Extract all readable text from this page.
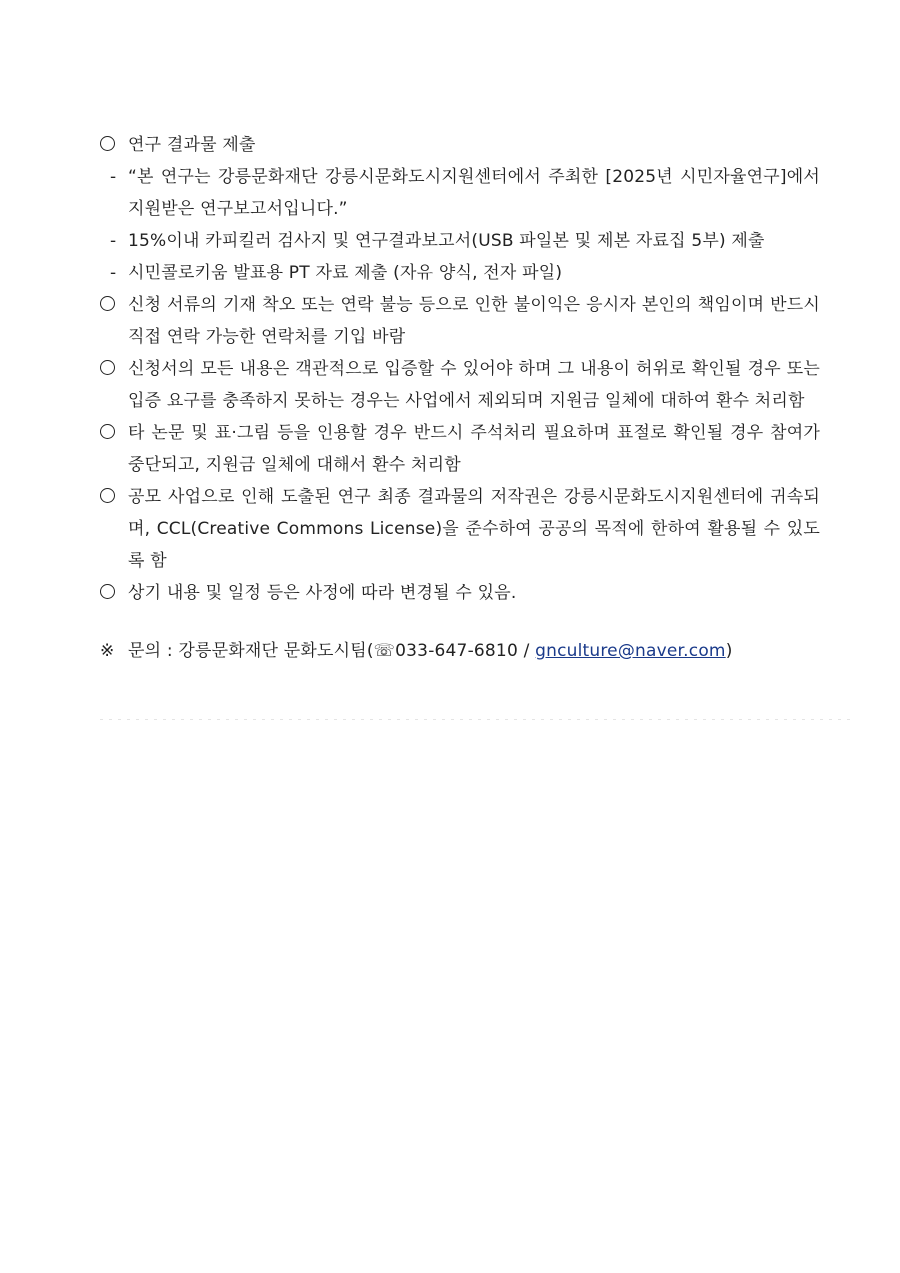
연구 결과물 제출
- “본 연구는 강릉문화재단 강릉시문화도시지원센터에서 주최한 [2025년 시민자율연구]에서 지원받은 연구보고서입니다.”
- 15%이내 카피킬러 검사지 및 연구결과보고서(USB 파일본 및 제본 자료집 5부) 제출
- 시민콜로키움 발표용 PT 자료 제출 (자유 양식, 전자 파일)
신청 서류의 기재 착오 또는 연락 불능 등으로 인한 불이익은 응시자 본인의 책임이며 반드시 직접 연락 가능한 연락처를 기입 바람
신청서의 모든 내용은 객관적으로 입증할 수 있어야 하며 그 내용이 허위로 확인될 경우 또는 입증 요구를 충족하지 못하는 경우는 사업에서 제외되며 지원금 일체에 대하여 환수 처리함
타 논문 및 표·그림 등을 인용할 경우 반드시 주석처리 필요하며 표절로 확인될 경우 참여가 중단되고, 지원금 일체에 대해서 환수 처리함
공모 사업으로 인해 도출된 연구 최종 결과물의 저작권은 강릉시문화도시지원센터에 귀속되며, CCL(Creative Commons License)을 준수하여 공공의 목적에 한하여 활용될 수 있도록 함
상기 내용 및 일정 등은 사정에 따라 변경될 수 있음.
※ 문의 : 강릉문화재단 문화도시팀(☏033-647-6810 / gnculture@naver.com)
